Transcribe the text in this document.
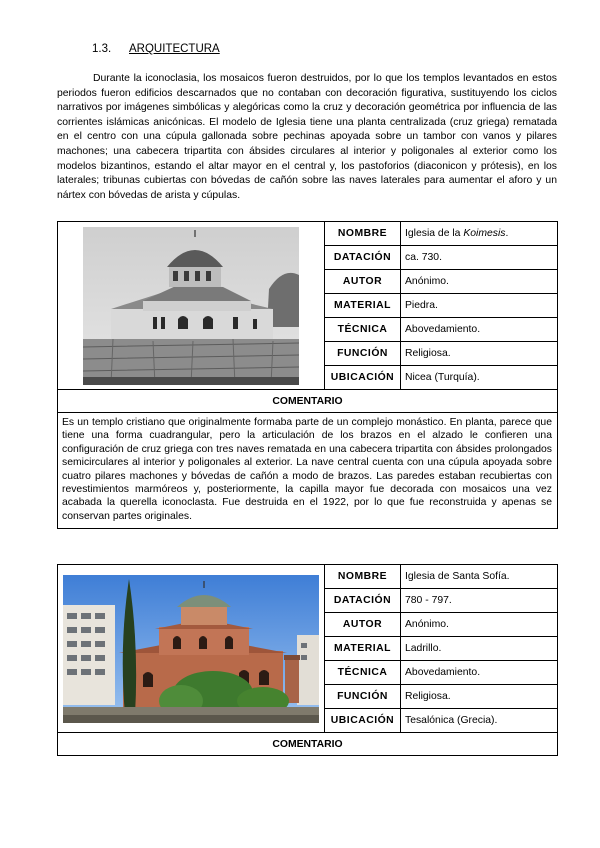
1.3. ARQUITECTURA

Durante la iconoclasia, los mosaicos fueron destruidos, por lo que los templos levantados en estos periodos fueron edificios descarnados que no contaban con decoración figurativa, sustituyendo los ciclos narrativos por imágenes simbólicas y alegóricas como la cruz y decoración geométrica por influencia de las corrientes islámicas anicónicas. El modelo de Iglesia tiene una planta centralizada (cruz griega) rematada en el centro con una cúpula gallonada sobre pechinas apoyada sobre un tambor con vanos y pilares machones; una cabecera tripartita con ábsides circulares al interior y poligonales al exterior como los modelos bizantinos, estando el altar mayor en el central y, los pastoforios (diaconicon y prótesis), en los laterales; tribunas cubiertas con bóvedas de cañón sobre las naves laterales para aumentar el aforo y un nártex con bóvedas de arista y cúpulas.

	NOMBRE	Iglesia de la Koimesis.
	DATACIÓN	ca. 730.
	AUTOR	Anónimo.
	MATERIAL	Piedra.
	TÉCNICA	Abovedamiento.
	FUNCIÓN	Religiosa.
	UBICACIÓN	Nicea (Turquía).
COMENTARIO		
Es un templo cristiano que originalmente formaba parte de un complejo monástico. En planta, parece que tiene una forma cuadrangular, pero la articulación de los brazos en el alzado le confieren una configuración de cruz griega con tres naves rematada en una cabecera tripartita con ábsides prolongados semicirculares al interior y poligonales al exterior. La nave central cuenta con una cúpula apoyada sobre cuatro pilares machones y bóvedas de cañón a modo de brazos. Las paredes estaban recubiertas con revestimientos marmóreos y, posteriormente, la capilla mayor fue decorada con mosaicos una vez acabada la querella iconoclasta. Fue destruida en el 1922, por lo que fue reconstruida y apenas se conservan partes originales.		
	NOMBRE	Iglesia de Santa Sofía.
	DATACIÓN	780 - 797.
	AUTOR	Anónimo.
	MATERIAL	Ladrillo.
	TÉCNICA	Abovedamiento.
	FUNCIÓN	Religiosa.
	UBICACIÓN	Tesalónica (Grecia).
COMENTARIO		
